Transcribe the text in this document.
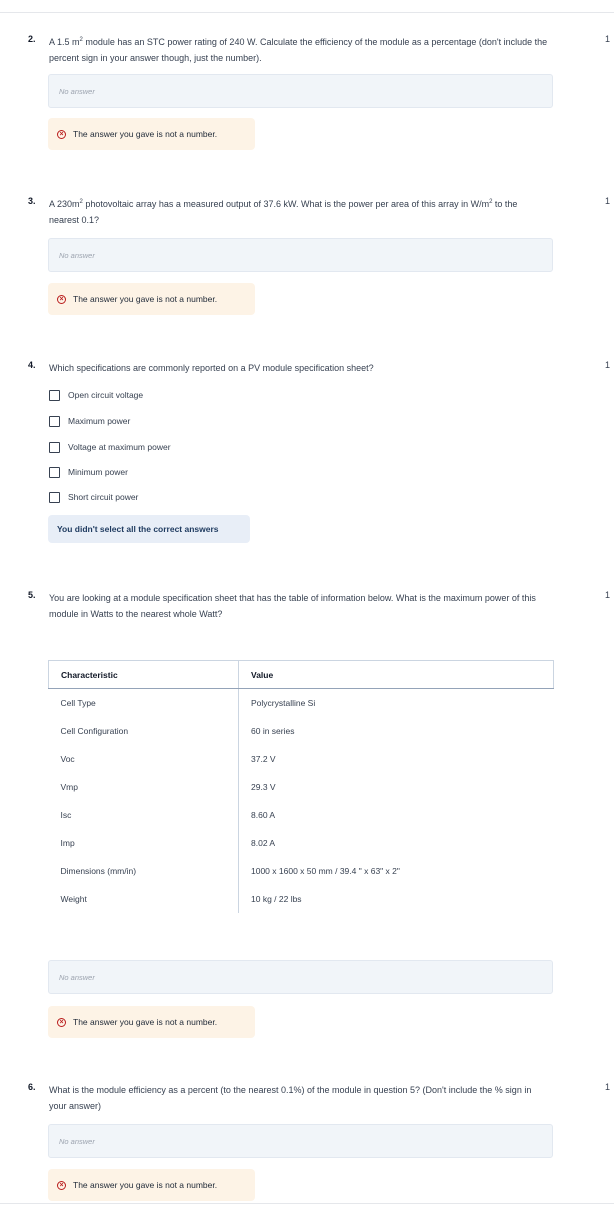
2. A 1.5 $m^2$ module has an STC power rating of 240 W. Calculate the efficiency of the module as a percentage (don't include the percent sign in your answer though, just the number).
1
No answer
× The answer you gave is not a number.
3. A $230m^2$ photovoltaic array has a measured output of 37.6 kW. What is the power per area of this array in $W/m^2$ to the nearest 0.1?
1
No answer
× The answer you gave is not a number.
4. Which specifications are commonly reported on a PV module specification sheet?	1
Open circuit voltage
Maximum power
Voltage at maximum power
Minimum power
Short circuit power
You didn't select all the correct answers
5. You are looking at a module specification sheet that has the table of information below. What is the maximum power of this module in Watts to the nearest whole Watt?
1
Characteristic	Value
Cell Type	Polycrystalline Si
Cell Configuration	60 in series
Voc	37.2 V
Vmp	29.3 V
Isc	8.60 A
Imp	8.02 A
Dimensions (mm/in)	1000 x 1600 x 50 mm / 39.4 " x 63" x 2"
Weight	10 kg / 22 lbs
No answer
× The answer you gave is not a number.
6. What is the module efficiency as a percent (to the nearest 0.1%) of the module in question 5? (Don't include the % sign in your answer)
1
No answer
× The answer you gave is not a number.
